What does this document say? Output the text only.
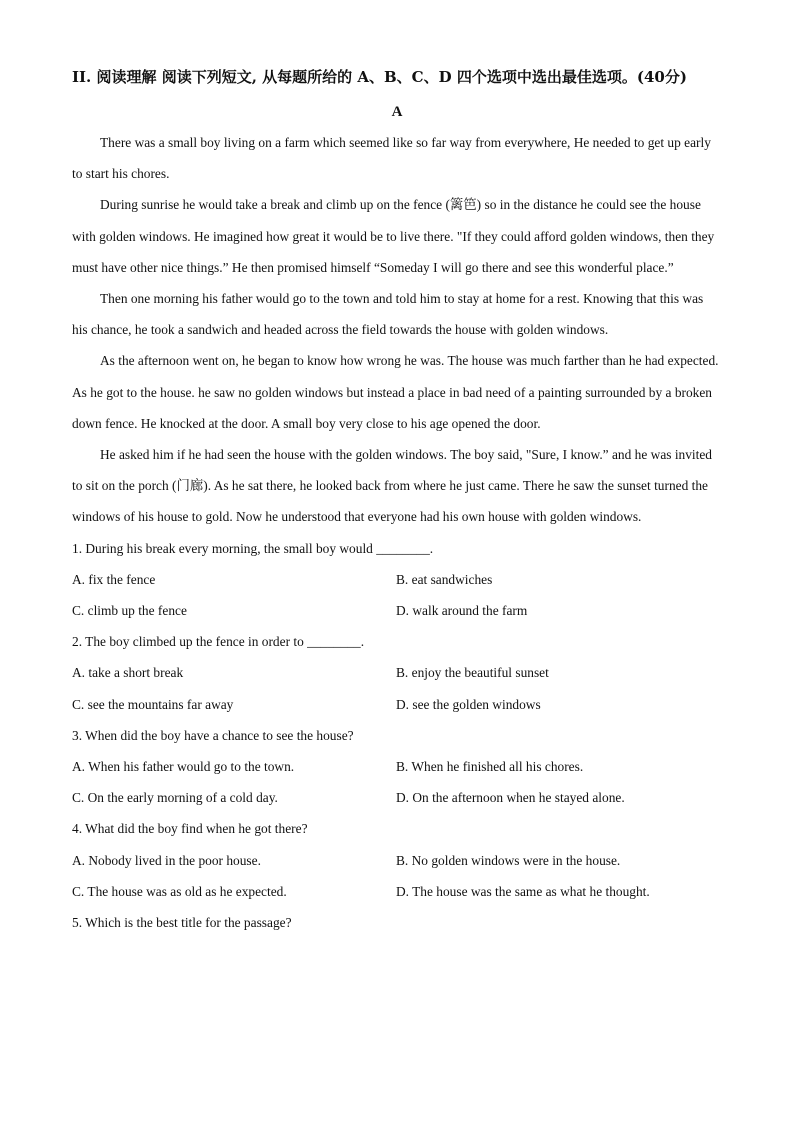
II. 阅读理解 阅读下列短文, 从每题所给的 A、B、C、D 四个选项中选出最佳选项。(40分)

A

There was a small boy living on a farm which seemed like so far way from everywhere, He needed to get up early to start his chores.

During sunrise he would take a break and climb up on the fence (篱笆) so in the distance he could see the house with golden windows. He imagined how great it would be to live there. "If they could afford golden windows, then they must have other nice things.” He then promised himself “Someday I will go there and see this wonderful place.”

Then one morning his father would go to the town and told him to stay at home for a rest. Knowing that this was his chance, he took a sandwich and headed across the field towards the house with golden windows.

As the afternoon went on, he began to know how wrong he was. The house was much farther than he had expected. As he got to the house. he saw no golden windows but instead a place in bad need of a painting surrounded by a broken down fence. He knocked at the door. A small boy very close to his age opened the door.

He asked him if he had seen the house with the golden windows. The boy said, "Sure, I know.” and he was invited to sit on the porch (门廊). As he sat there, he looked back from where he just came. There he saw the sunset turned the windows of his house to gold. Now he understood that everyone had his own house with golden windows.

1. During his break every morning, the small boy would ________.

A. fix the fence	B. eat sandwiches
C. climb up the fence	D. walk around the farm

2. The boy climbed up the fence in order to ________.

A. take a short break	B. enjoy the beautiful sunset
C. see the mountains far away	D. see the golden windows

3. When did the boy have a chance to see the house?

A. When his father would go to the town.	B. When he finished all his chores.
C. On the early morning of a cold day.	D. On the afternoon when he stayed alone.

4. What did the boy find when he got there?

A. Nobody lived in the poor house.	B. No golden windows were in the house.
C. The house was as old as he expected.	D. The house was the same as what he thought.

5. Which is the best title for the passage?
